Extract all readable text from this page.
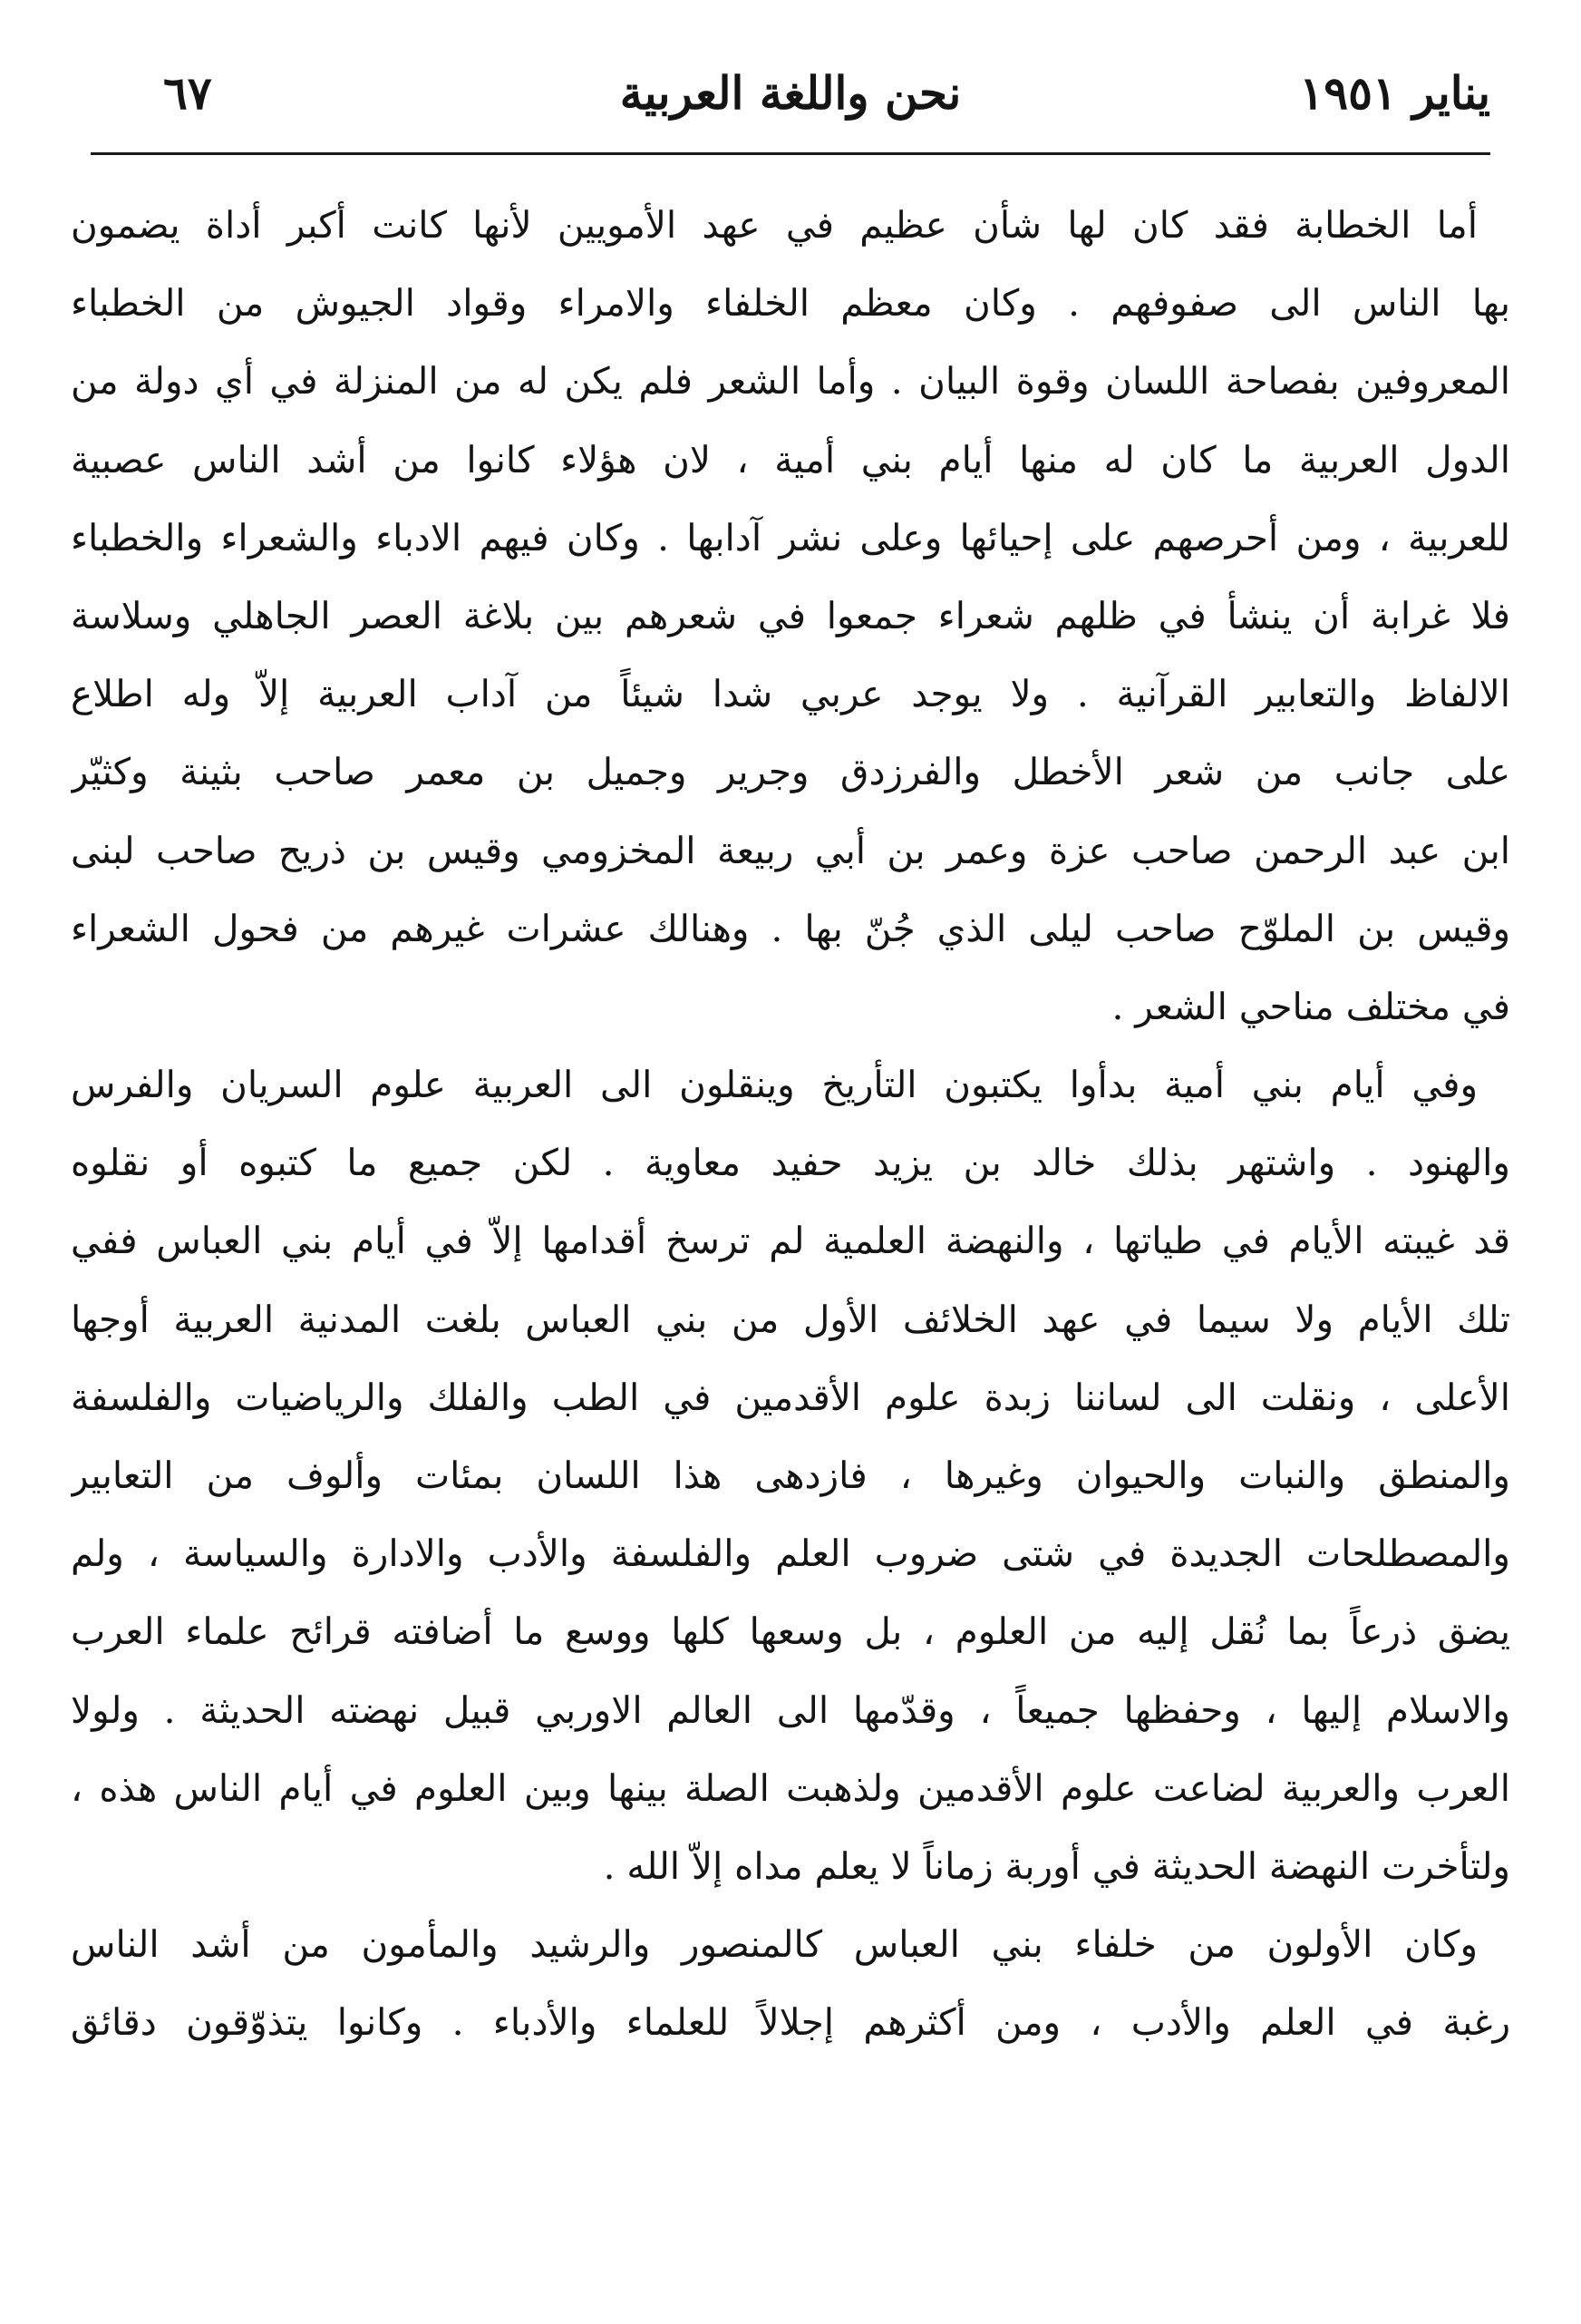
يناير ١٩٥١
نحن واللغة العربية
٦٧
أما الخطابة فقد كان لها شأن عظيم في عهد الأمويين لأنها كانت أكبر أداة يضمون
بها الناس الى صفوفهم . وكان معظم الخلفاء والامراء وقواد الجيوش من الخطباء
المعروفين بفصاحة اللسان وقوة البيان . وأما الشعر فلم يكن له من المنزلة في أي دولة من
الدول العربية ما كان له منها أيام بني أمية ، لان هؤلاء كانوا من أشد الناس عصبية
للعربية ، ومن أحرصهم على إحيائها وعلى نشر آدابها . وكان فيهم الادباء والشعراء والخطباء
فلا غرابة أن ينشأ في ظلهم شعراء جمعوا في شعرهم بين بلاغة العصر الجاهلي وسلاسة
الالفاظ والتعابير القرآنية . ولا يوجد عربي شدا شيئاً من آداب العربية إلاّ وله اطلاع
على جانب من شعر الأخطل والفرزدق وجرير وجميل بن معمر صاحب بثينة وكثيّر
ابن عبد الرحمن صاحب عزة وعمر بن أبي ربيعة المخزومي وقيس بن ذريح صاحب لبنى
وقيس بن الملوّح صاحب ليلى الذي جُنّ بها . وهنالك عشرات غيرهم من فحول الشعراء
في مختلف مناحي الشعر .
وفي أيام بني أمية بدأوا يكتبون التأريخ وينقلون الى العربية علوم السريان والفرس
والهنود . واشتهر بذلك خالد بن يزيد حفيد معاوية . لكن جميع ما كتبوه أو نقلوه
قد غيبته الأيام في طياتها ، والنهضة العلمية لم ترسخ أقدامها إلاّ في أيام بني العباس ففي
تلك الأيام ولا سيما في عهد الخلائف الأول من بني العباس بلغت المدنية العربية أوجها
الأعلى ، ونقلت الى لساننا زبدة علوم الأقدمين في الطب والفلك والرياضيات والفلسفة
والمنطق والنبات والحيوان وغيرها ، فازدهى هذا اللسان بمئات وألوف من التعابير
والمصطلحات الجديدة في شتى ضروب العلم والفلسفة والأدب والادارة والسياسة ، ولم
يضق ذرعاً بما نُقل إليه من العلوم ، بل وسعها كلها ووسع ما أضافته قرائح علماء العرب
والاسلام إليها ، وحفظها جميعاً ، وقدّمها الى العالم الاوربي قبيل نهضته الحديثة . ولولا
العرب والعربية لضاعت علوم الأقدمين ولذهبت الصلة بينها وبين العلوم في أيام الناس هذه ،
ولتأخرت النهضة الحديثة في أوربة زماناً لا يعلم مداه إلاّ الله .
وكان الأولون من خلفاء بني العباس كالمنصور والرشيد والمأمون من أشد الناس
رغبة في العلم والأدب ، ومن أكثرهم إجلالاً للعلماء والأدباء . وكانوا يتذوّقون دقائق
